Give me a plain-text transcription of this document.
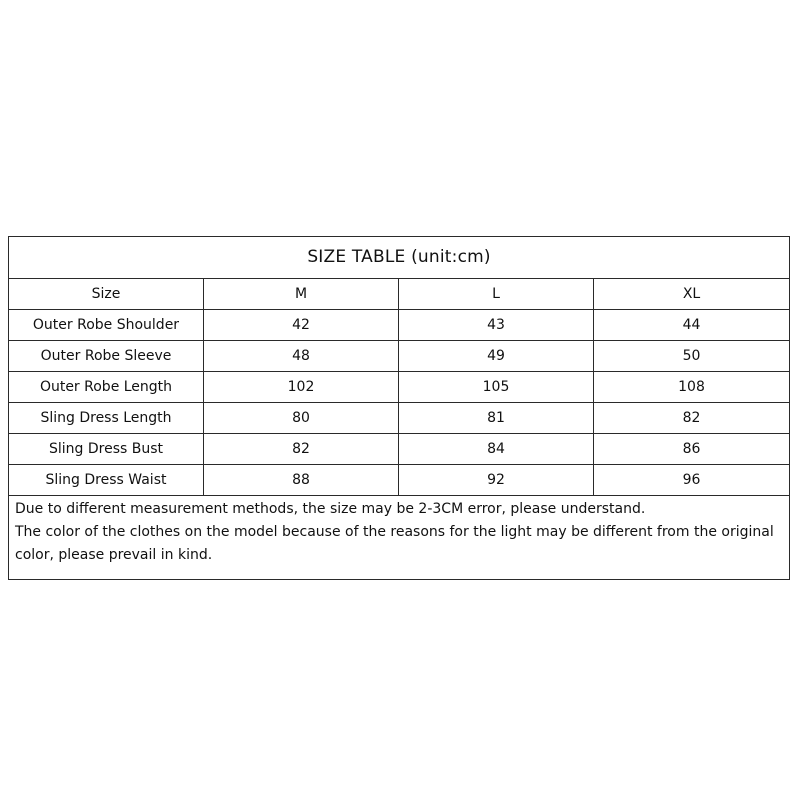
SIZE TABLE (unit:cm)			
Size	M	L	XL
Outer Robe Shoulder	42	43	44
Outer Robe Sleeve	48	49	50
Outer Robe Length	102	105	108
Sling Dress Length	80	81	82
Sling Dress Bust	82	84	86
Sling Dress Waist	88	92	96

Due to different measurement methods, the size may be 2-3CM error, please understand.
The color of the clothes on the model because of the reasons for the light may be different from the original color, please prevail in kind.			
